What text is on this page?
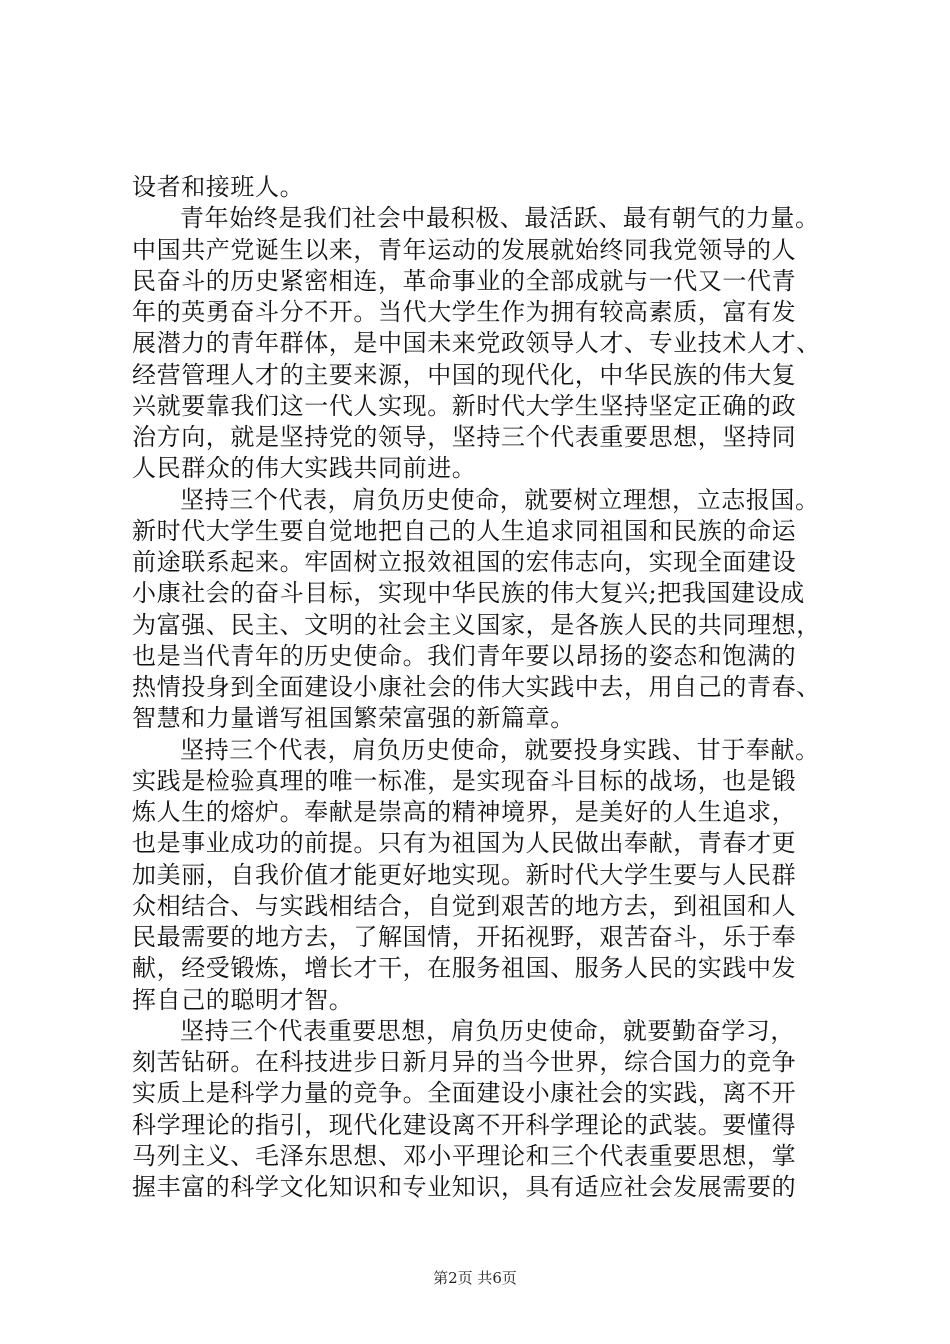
设者和接班人。
青年始终是我们社会中最积极、最活跃、最有朝气的力量。
中国共产党诞生以来，青年运动的发展就始终同我党领导的人
民奋斗的历史紧密相连，革命事业的全部成就与一代又一代青
年的英勇奋斗分不开。当代大学生作为拥有较高素质，富有发
展潜力的青年群体，是中国未来党政领导人才、专业技术人才、
经营管理人才的主要来源，中国的现代化，中华民族的伟大复
兴就要靠我们这一代人实现。新时代大学生坚持坚定正确的政
治方向，就是坚持党的领导，坚持三个代表重要思想，坚持同
人民群众的伟大实践共同前进。
坚持三个代表，肩负历史使命，就要树立理想，立志报国。
新时代大学生要自觉地把自己的人生追求同祖国和民族的命运
前途联系起来。牢固树立报效祖国的宏伟志向，实现全面建设
小康社会的奋斗目标，实现中华民族的伟大复兴;把我国建设成
为富强、民主、文明的社会主义国家，是各族人民的共同理想，
也是当代青年的历史使命。我们青年要以昂扬的姿态和饱满的
热情投身到全面建设小康社会的伟大实践中去，用自己的青春、
智慧和力量谱写祖国繁荣富强的新篇章。
坚持三个代表，肩负历史使命，就要投身实践、甘于奉献。
实践是检验真理的唯一标准，是实现奋斗目标的战场，也是锻
炼人生的熔炉。奉献是崇高的精神境界，是美好的人生追求，
也是事业成功的前提。只有为祖国为人民做出奉献，青春才更
加美丽，自我价值才能更好地实现。新时代大学生要与人民群
众相结合、与实践相结合，自觉到艰苦的地方去，到祖国和人
民最需要的地方去，了解国情，开拓视野，艰苦奋斗，乐于奉
献，经受锻炼，增长才干，在服务祖国、服务人民的实践中发
挥自己的聪明才智。
坚持三个代表重要思想，肩负历史使命，就要勤奋学习，
刻苦钻研。在科技进步日新月异的当今世界，综合国力的竞争
实质上是科学力量的竞争。全面建设小康社会的实践，离不开
科学理论的指引，现代化建设离不开科学理论的武装。要懂得
马列主义、毛泽东思想、邓小平理论和三个代表重要思想，掌
握丰富的科学文化知识和专业知识，具有适应社会发展需要的
第2页 共6页
